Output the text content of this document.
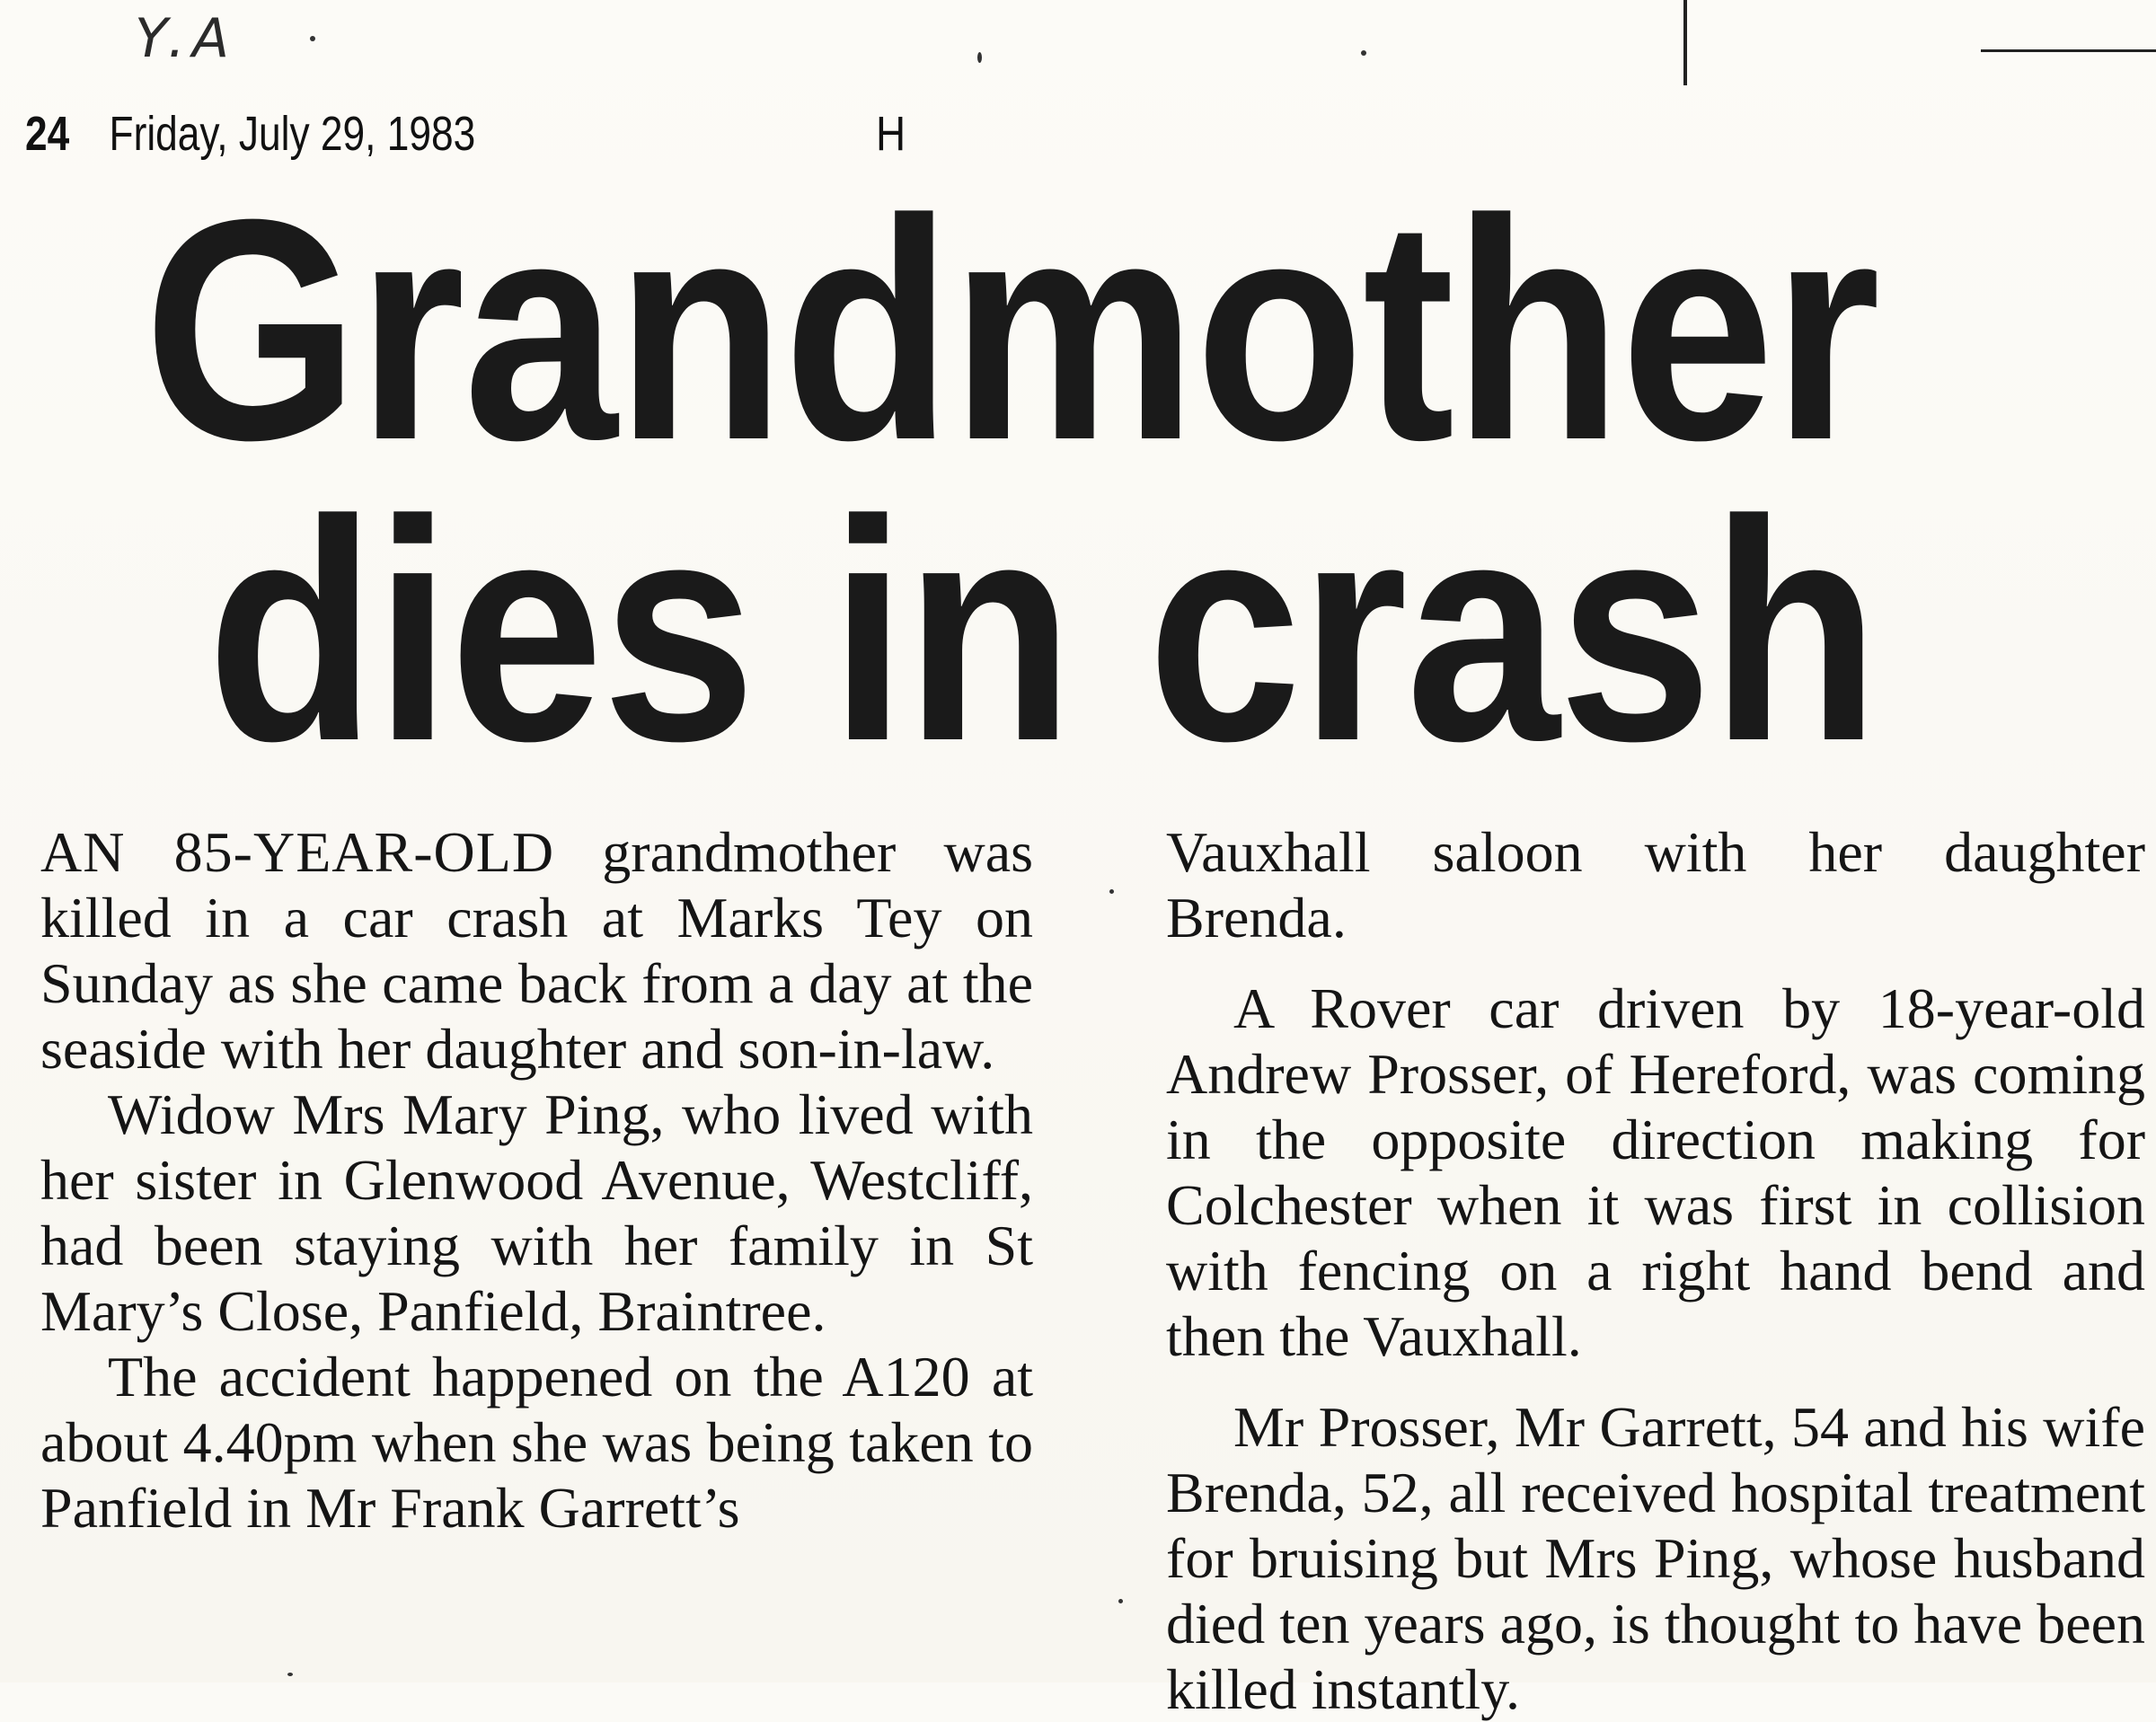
Y.A
24 Friday, July 29, 1983	H
Grandmother
dies in crash

AN 85-YEAR-OLD grandmother was killed in a car crash at Marks Tey on Sunday as she came back from a day at the seaside with her daughter and son-in-law.

Widow Mrs Mary Ping, who lived with her sister in Glenwood Avenue, Westcliff, had been staying with her family in St Mary’s Close, Panfield, Braintree.

The accident happened on the A120 at about 4.40pm when she was being taken to Panfield in Mr Frank Garrett’s

Vauxhall saloon with her daughter Brenda.

A Rover car driven by 18-year-old Andrew Prosser, of Hereford, was coming in the opposite direction making for Colchester when it was first in collision with fencing on a right hand bend and then the Vauxhall.

Mr Prosser, Mr Garrett, 54 and his wife Brenda, 52, all received hospital treatment for bruising but Mrs Ping, whose husband died ten years ago, is thought to have been killed instantly.
